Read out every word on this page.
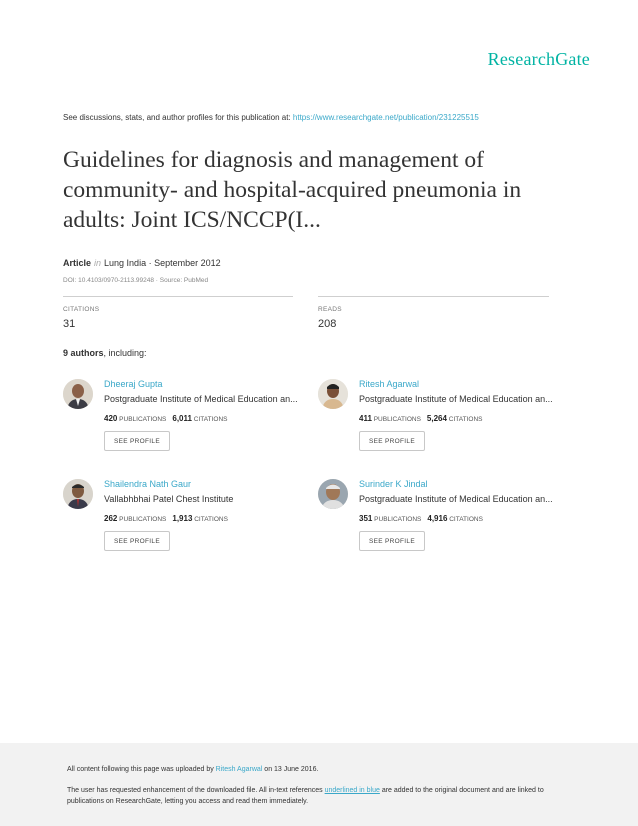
ResearchGate
See discussions, stats, and author profiles for this publication at: https://www.researchgate.net/publication/231225515
Guidelines for diagnosis and management of community- and hospital-acquired pneumonia in adults: Joint ICS/NCCP(I...
Article in Lung India · September 2012
DOI: 10.4103/0970-2113.99248 · Source: PubMed
CITATIONS
31
READS
208
9 authors, including:
Dheeraj Gupta
Postgraduate Institute of Medical Education an...
420 PUBLICATIONS 6,011 CITATIONS
SEE PROFILE
Ritesh Agarwal
Postgraduate Institute of Medical Education an...
411 PUBLICATIONS 5,264 CITATIONS
SEE PROFILE
Shailendra Nath Gaur
Vallabhbhai Patel Chest Institute
262 PUBLICATIONS 1,913 CITATIONS
SEE PROFILE
Surinder K Jindal
Postgraduate Institute of Medical Education an...
351 PUBLICATIONS 4,916 CITATIONS
SEE PROFILE
All content following this page was uploaded by Ritesh Agarwal on 13 June 2016.
The user has requested enhancement of the downloaded file. All in-text references underlined in blue are added to the original document and are linked to publications on ResearchGate, letting you access and read them immediately.
